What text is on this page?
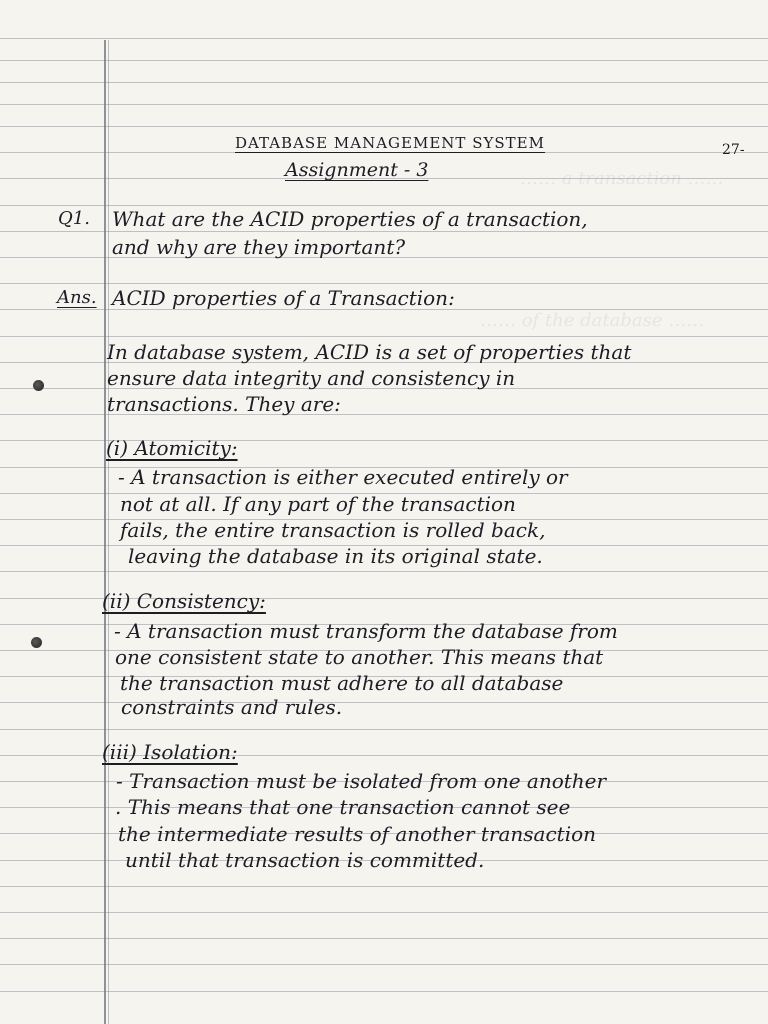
…… a transaction ……
…… of the database ……
DATABASE MANAGEMENT SYSTEM	27-
Assignment - 3
Q1. What are the ACID properties of a transaction,
and why are they important?
Ans. ACID properties of a Transaction:
In database system, ACID is a set of properties that
ensure data integrity and consistency in
transactions. They are:
(i) Atomicity:
- A transaction is either executed entirely or
not at all. If any part of the transaction
fails, the entire transaction is rolled back,
leaving the database in its original state.
(ii) Consistency:
- A transaction must transform the database from
one consistent state to another. This means that
the transaction must adhere to all database
constraints and rules.
(iii) Isolation:
- Transaction must be isolated from one another
. This means that one transaction cannot see
the intermediate results of another transaction
until that transaction is committed.
